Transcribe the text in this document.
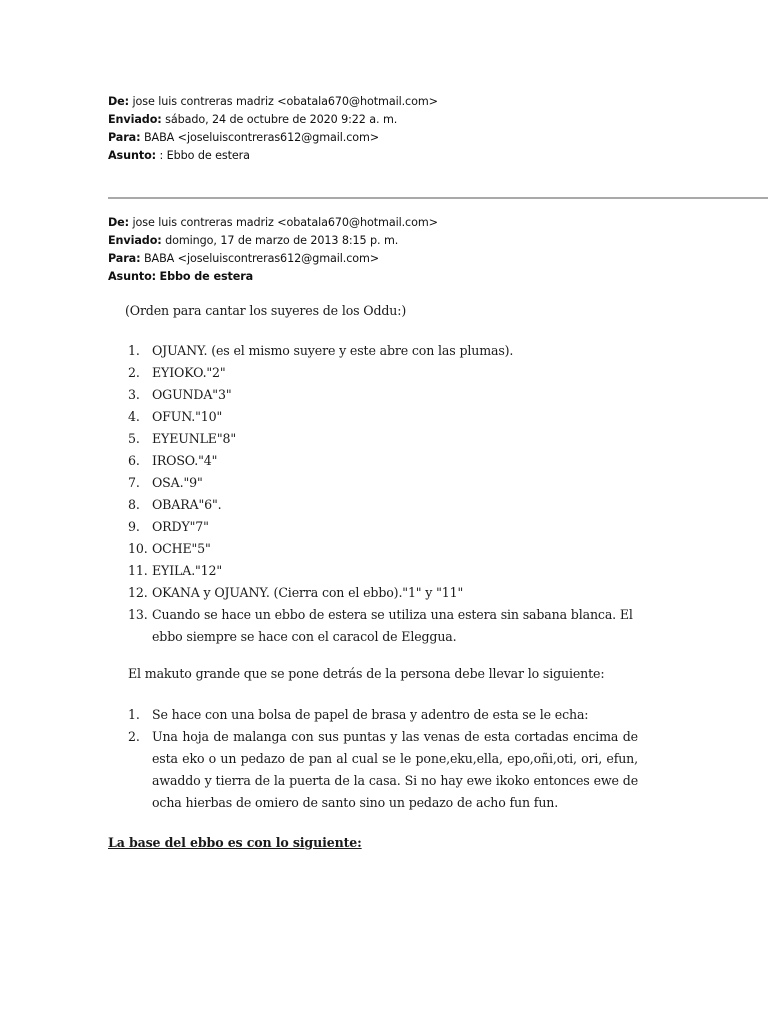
De: jose luis contreras madriz <obatala670@hotmail.com>
Enviado: sábado, 24 de octubre de 2020 9:22 a. m.
Para: BABA <joseluiscontreras612@gmail.com>
Asunto: : Ebbo de estera
De: jose luis contreras madriz <obatala670@hotmail.com>
Enviado: domingo, 17 de marzo de 2013 8:15 p. m.
Para: BABA <joseluiscontreras612@gmail.com>
Asunto: Ebbo de estera
(Orden para cantar los suyeres de los Oddu:)
1. OJUANY. (es el mismo suyere y este abre con las plumas).
2. EYIOKO."2"
3. OGUNDA"3"
4. OFUN."10"
5. EYEUNLE"8"
6. IROSO."4"
7. OSA."9"
8. OBARA"6".
9. ORDY"7"
10. OCHE"5"
11. EYILA."12"
12. OKANA y OJUANY. (Cierra con el ebbo)."1" y "11"
13. Cuando se hace un ebbo de estera se utiliza una estera sin sabana blanca. El ebbo siempre se hace con el caracol de Eleggua.
El makuto grande que se pone detrás de la persona debe llevar lo siguiente:
1. Se hace con una bolsa de papel de brasa y adentro de esta se le echa:
2. Una hoja de malanga con sus puntas y las venas de esta cortadas encima de esta eko o un pedazo de pan al cual se le pone,eku,ella, epo,oñi,oti, ori, efun, awaddo y tierra de la puerta de la casa. Si no hay ewe ikoko entonces ewe de ocha hierbas de omiero de santo sino un pedazo de acho fun fun.
La base del ebbo es con lo siguiente:
